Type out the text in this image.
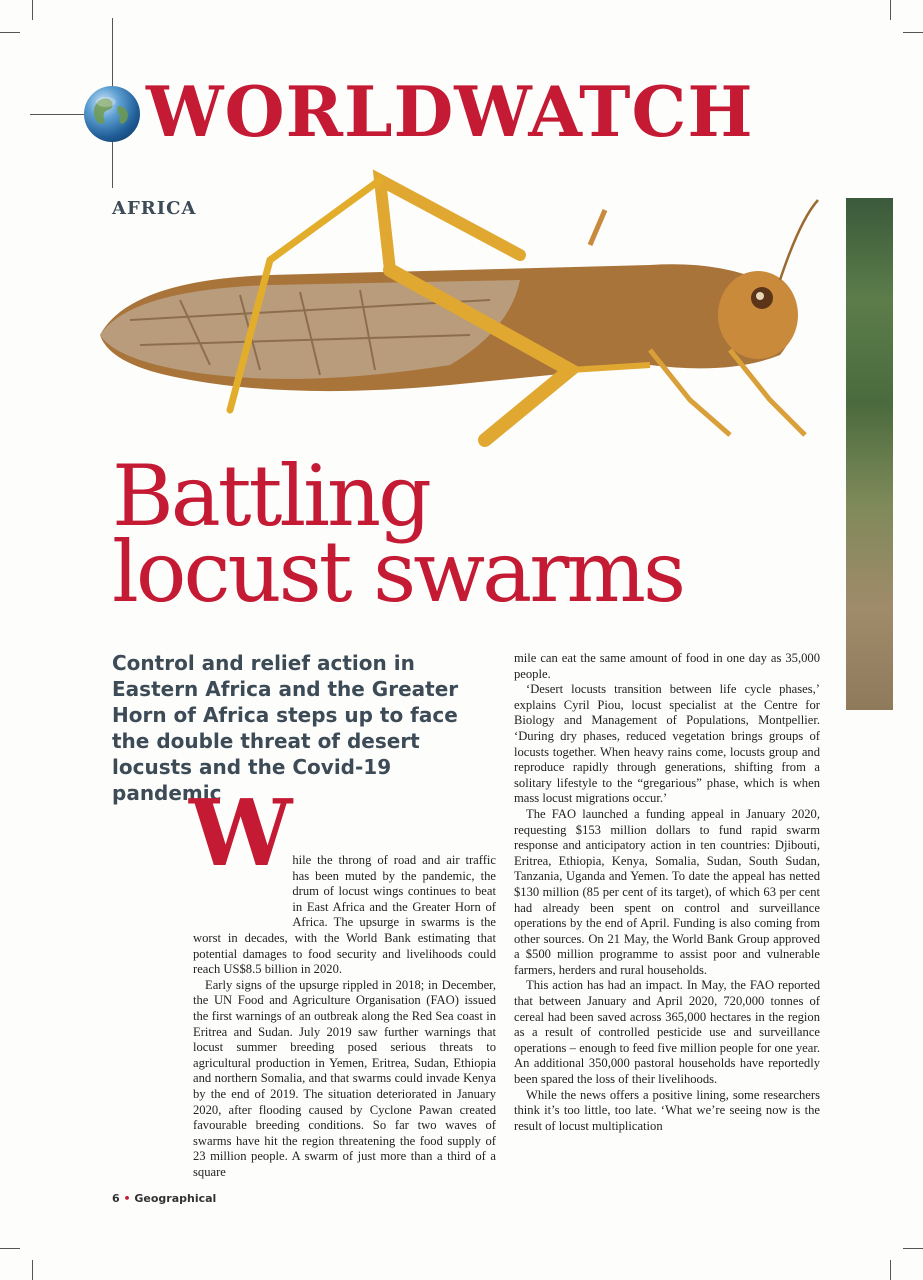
WORLDWATCH
AFRICA
Battling
locust swarms
Control and relief action in Eastern Africa and the Greater Horn of Africa steps up to face the double threat of desert locusts and the Covid-19 pandemic

While the throng of road and air traffic has been muted by the pandemic, the drum of locust wings continues to beat in East Africa and the Greater Horn of Africa. The upsurge in swarms is the worst in decades, with the World Bank estimating that potential damages to food security and livelihoods could reach US$8.5 billion in 2020.

Early signs of the upsurge rippled in 2018; in December, the UN Food and Agriculture Organisation (FAO) issued the first warnings of an outbreak along the Red Sea coast in Eritrea and Sudan. July 2019 saw further warnings that locust summer breeding posed serious threats to agricultural production in Yemen, Eritrea, Sudan, Ethiopia and northern Somalia, and that swarms could invade Kenya by the end of 2019. The situation deteriorated in January 2020, after flooding caused by Cyclone Pawan created favourable breeding conditions. So far two waves of swarms have hit the region threatening the food supply of 23 million people. A swarm of just more than a third of a square

mile can eat the same amount of food in one day as 35,000 people.

‘Desert locusts transition between life cycle phases,’ explains Cyril Piou, locust specialist at the Centre for Biology and Management of Populations, Montpellier. ‘During dry phases, reduced vegetation brings groups of locusts together. When heavy rains come, locusts group and reproduce rapidly through generations, shifting from a solitary lifestyle to the “gregarious” phase, which is when mass locust migrations occur.’

The FAO launched a funding appeal in January 2020, requesting $153 million dollars to fund rapid swarm response and anticipatory action in ten countries: Djibouti, Eritrea, Ethiopia, Kenya, Somalia, Sudan, South Sudan, Tanzania, Uganda and Yemen. To date the appeal has netted $130 million (85 per cent of its target), of which 63 per cent had already been spent on control and surveillance operations by the end of April. Funding is also coming from other sources. On 21 May, the World Bank Group approved a $500 million programme to assist poor and vulnerable farmers, herders and rural households.

This action has had an impact. In May, the FAO reported that between January and April 2020, 720,000 tonnes of cereal had been saved across 365,000 hectares in the region as a result of controlled pesticide use and surveillance operations – enough to feed five million people for one year. An additional 350,000 pastoral households have reportedly been spared the loss of their livelihoods.

While the news offers a positive lining, some researchers think it’s too little, too late. ‘What we’re seeing now is the result of locust multiplication

6 • Geographical
